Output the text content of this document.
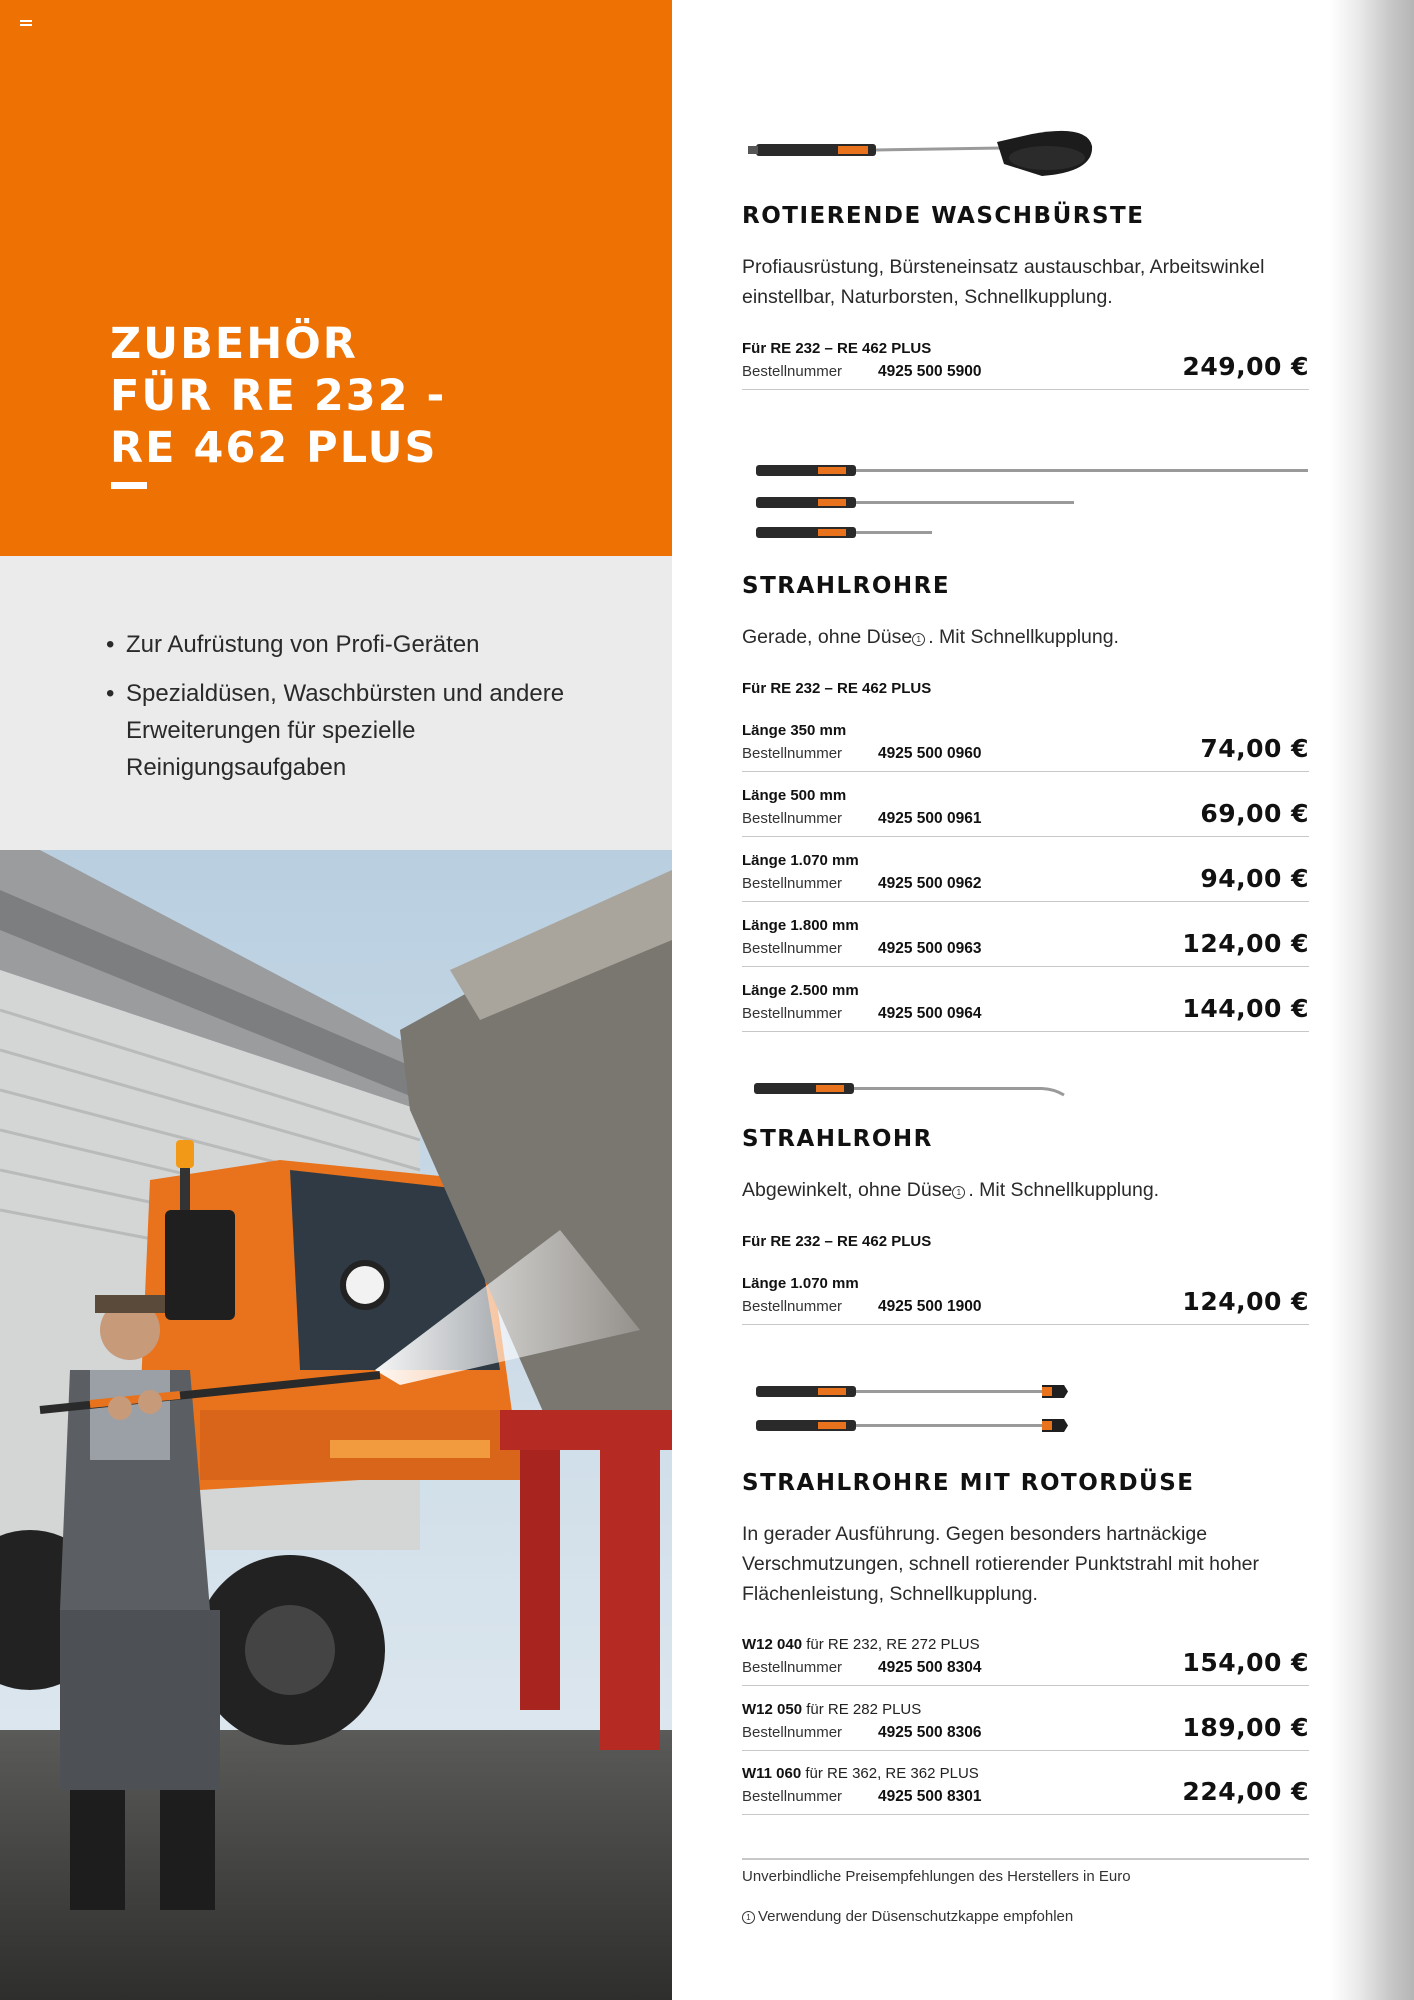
ZUBEHÖR
FÜR RE 232 -
RE 462 PLUS
• Zur Aufrüstung von Profi-Geräten
• Spezialdüsen, Waschbürsten und andere Erweiterungen für spezielle Reinigungsaufgaben
ROTIERENDE WASCHBÜRSTE
Profiausrüstung, Bürsteneinsatz austauschbar, Arbeitswinkel einstellbar, Naturborsten, Schnellkupplung.
Für RE 232 – RE 462 PLUS
Bestellnummer 4925 500 5900	249,00 €
STRAHLROHRE
Gerade, ohne Düse 1 . Mit Schnellkupplung.
Für RE 232 – RE 462 PLUS
Länge 350 mm
Bestellnummer 4925 500 0960	74,00 €
Länge 500 mm
Bestellnummer 4925 500 0961	69,00 €
Länge 1.070 mm
Bestellnummer 4925 500 0962	94,00 €
Länge 1.800 mm
Bestellnummer 4925 500 0963	124,00 €
Länge 2.500 mm
Bestellnummer 4925 500 0964	144,00 €
STRAHLROHR
Abgewinkelt, ohne Düse 1 . Mit Schnellkupplung.
Für RE 232 – RE 462 PLUS
Länge 1.070 mm
Bestellnummer 4925 500 1900	124,00 €
STRAHLROHRE MIT ROTORDÜSE
In gerader Ausführung. Gegen besonders hartnäckige Verschmutzungen, schnell rotierender Punktstrahl mit hoher Flächenleistung, Schnellkupplung.
W12 040 für RE 232, RE 272 PLUS
Bestellnummer 4925 500 8304	154,00 €
W12 050 für RE 282 PLUS
Bestellnummer 4925 500 8306	189,00 €
W11 060 für RE 362, RE 362 PLUS
Bestellnummer 4925 500 8301	224,00 €
Unverbindliche Preisempfehlungen des Herstellers in Euro
1 Verwendung der Düsenschutzkappe empfohlen
